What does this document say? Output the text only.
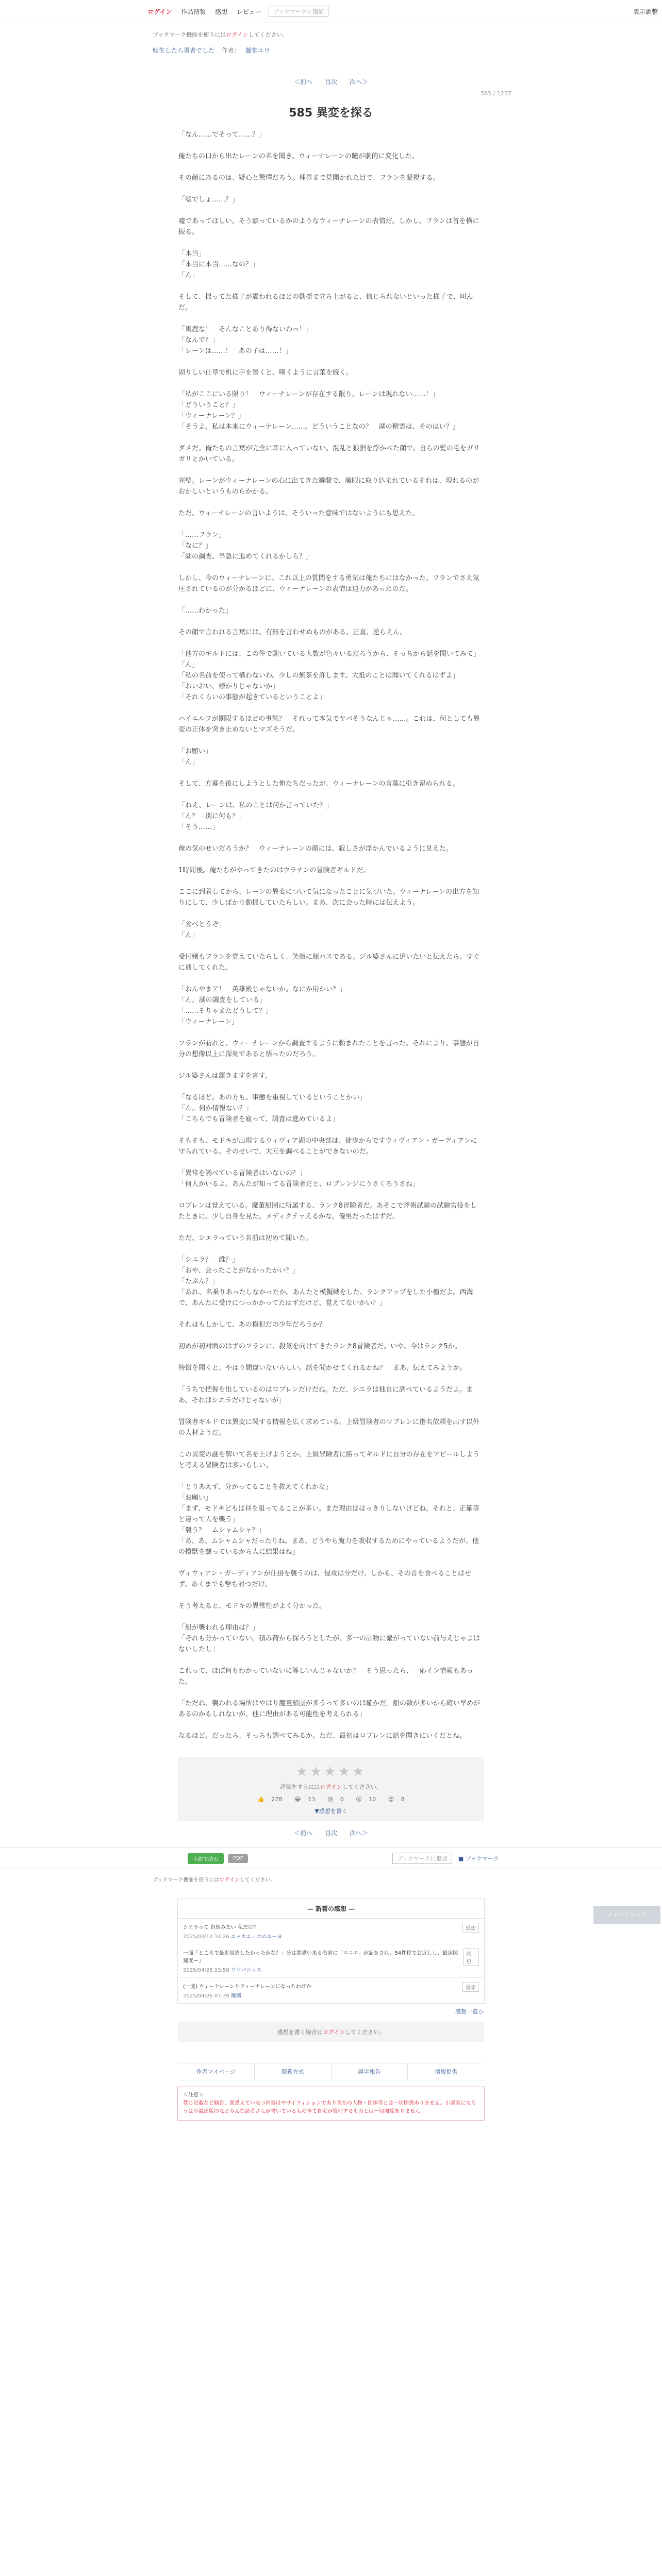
ログイン 作品情報 感想 レビュー	ブックマークに追加	表示調整
ブックマーク機能を使うにはログインしてください。
転生したら勇者でした 作者： 藤堂ユウ
＜前へ 目次 次へ＞
585 / 1237
585 異変を探る

「なん……でそって……？」

俺たちの口から出たレーンの名を聞き、ウィーナレーンの瞳が劇的に変化した。

その顔にあるのは、疑心と驚愕だろう。理界まで見開かれた目で、フランを凝視する。

「嘘でしょ……？」

嘘であってほしい。そう願っているかのようなウィーナレーンの表情だ。しかし、フランは首を横に振る。

「本当」
「本当に本当……なの？」
「ん」

そして、揺ってた様子が震われるほどの動揺で立ち上がると、信じられないといった様子で、叫んだ。

「馬鹿な！　そんなことあり得ないわっ！」
「なんで？」
「レーンは……！　あの子は……！」

固りしい仕草で机に手を置くと、嘆くように言葉を続く。

「私がここにいる限り！　ウィーナレーンが存在する限り、レーンは現れない……！」
「どういうこと？」
「ウィーナレーン？」
「そうよ。私は本来にウィーナレーン……。どういうことなの？　湖の精霊は、そのはい？」

ダメだ。俺たちの言葉が完全に耳に入っていない。混乱と狼狽を浮かべた顔で、自らの髪の毛をガリガリとかいている。

完璧。レーンがウィーナレーンの心に出てきた瞬間で、魔眼に取り込まれているそれは、現れるのがおかしいというものらかかる。

ただ、ウィーナレーンの言いようは、そういった意味ではないようにも思えた。

「……フラン」
「なに？」
「湖の調査、早急に進めてくれるかしら？」

しかし、今のウィーナレーンに、これ以上の質問をする勇気は俺たちにはなかった。フランでさえ気圧されているのが分かるほどに、ウィーナレーンの表情は迫力があったのだ。

「……わかった」

その顔で言われる言葉には、有無を言わせぬものがある。正直、逆らえん。

「他方のギルドには、この件で動いている人数が色々いるだろうから、そっちから話を聞いてみて」
「ん」
「私の名前を使って構わないわ。少しの無茶を許します。大抵のことは聞いてくれるはずよ」
「おいおい、様かりじゃないか」
「それくらいの事態が起きているということよ」

ハイエルフが期限するほどの事態？　それって本気でヤバそうなんじゃ……。これは、何としても異変の正体を突き止めないとマズそうだ。

「お願い」
「ん」

そして、方幕を後にしようとした俺たちだったが、ウィーナレーンの言葉に引き留められる。

「ねえ、レーンは、私のことは何か言っていた？」
「ん？　別に何も？」
「そう……」

俺の気のせいだろうか？　ウィーナレーンの顔には、寂しさが浮かんでいるように見えた。

1時間後。俺たちがやってきたのはウラナンの冒険者ギルドだ。

ここに到着してから、レーンの異変について気になったことに気づいた。ウィーナレーンの出方を知りにして、少しばかり動揺していたらしい。まあ、次に会った時には伝えよう。

「食べとうぞ」
「ん」

受付嬢もフランを覚えていたらしく、笑顔に顔パスである。ジル婆さんに追いたいと伝えたら、すぐに通してくれた。

「おんやまア！　英雄殿じゃないか。なにか用かい？」
「ん。湖の調査をしている」
「……そりゃまたどうして？」
「ウィーナレーン」

フランが訪れと、ウィーナレーンから調査するように頼まれたことを言った。それにより、事態が自分の想像以上に深刻であると悟ったのだろう。

ジル婆さんは頷きますを言す。

「なるほど。あの方も、事態を重視しているということかい」
「ん。何か情報ない？」
「こちらでも冒険者を雇って、調査は進めているよ」

そもそも、モドキが出現するウィヴィア湖の中央部は、徒歩からですウィヴィアン・ガーディアンに守られている。そのせいで、大元を調べることができないのだ。

「異常を調べている冒険者はいないの？」
「何人かいるよ。あんたが知ってる冒険者だと、ロブレンジにうさくろうさね」

ロブレンは覚えている。魔董船団に所属する、ランク8冒険者だ。あそこで斧術試験の試験官役をしたときに、少し自身を見た。メディクテァえるかな。優男だったはずだ。

ただ、シエラっていう名前は初めて聞いた。

「シエラ？　誰？」
「おや、会ったことがなかったかい？」
「たぶん？」
「あれ、名乗りあったしなかったか。あんたと模擬戦をした、ランクアップをした小僧だよ。西海で、あんたに受けにつっかかってたはずだけど、覚えてないかい？」

それはもしかして、あの模犯だの少年だろうか？

初めが初対面のはずのフランに、殺気を向けてきたランク8冒険者だ。いや、今はランク5か。

特徴を聞くと、やはり間違いないらしい。話を聞かせてくれるかね？　まあ、伝えてみようか。

「うちで把握を出しているのはロブレンだけだね。ただ、シエラは独自に調べているようだよ。まあ、それはシエラだけじゃないが」

冒険者ギルドでは異変に関する情報を広く求めている。上級冒険者のロブレンに指名依頼を出す以外の人材ようだ。

この異変の謎を解いて名を上げようとか、上級冒険者に勝ってギルドに自分の存在をアピールしようと考える冒険者は多いらしい。

「とりあえず、分かってることを教えてくれかな」
「お願い」
「まず、モドキどもは昼を狙ってることが多い。まだ理由ははっきりしないけどね。それと、正確等と違って人を襲う」
「襲う？　ムシャムシャ？」
「あ、あ、ムシャムシャだったりね。まあ、どうやら魔力を吸収するためにやっているようだが、他の攪獣を襲っているから人に結果はね」

ヴィウィアン・ガーディアンが仕掛を襲うのは、侵攻は分だけ。しかも、その首を食べることはせず、あくまでも撃ち討つだけ。

そう考えると、モドキの異常性がよく分かった。

「船が襲われる理由は？」
「それも分かっていない。積み荷から探ろうとしたが、多一の品物に繋がっていない前与えじゃよはないしたし」

これって、ほぼ何もわかっていないに等しいんじゃないか？　そう思ったら、一応イン情報もあった。

「ただね、襲われる場所はやはり魔董船団が多うって多いのは確かだ。船の数が多いから確い早めがあるのかもしれないが、他に理由がある可能性を考えられる」

なるほど。だったら、そっちも調べてみるか。ただ、最初はロブレンに話を聞きにいくだとね。

チャージシップ
★★★★★
評価をするにはログインしてください。
👍 278 😂 13 😢 0 😮 10 😍 8
▼感想を書く
＜前へ 目次 次へ＞
小説で読む	PDF	ブックマークに追加	■ ブックマーク
ブックマーク機能を使うにはログインしてください。
— 新着の感想 —
シエラって 自然みたい 私だけ？
2025/03/12 14:26 エッホエッホのエーヨ
感想
一面「ところで最近見逃したかったかな？」分は間違い来る名前に「ロニエ」が記をされ、54件程でお返しし、最速関連度ー」
2025/04/28 23:58 ウソパジェス
感想
(一度) ウィーナレーンとウィーナレーンになったわけか
2025/04/26 07:39 魔楓
感想
感想一覧 ▷
感想を書く場合はログインしてください。
作者マイページ	閲覧方式	誤字報告	情報提供
＜注意＞
禁じ記載など勧告、間違えていなつ内容はやサイフィションであり実在の人物・団体等とは一切関係ありません。小説家になろうは小説出版のなどみんな読者さんが書いているもの全て自宅が管理するものとは一切関係ありません。
